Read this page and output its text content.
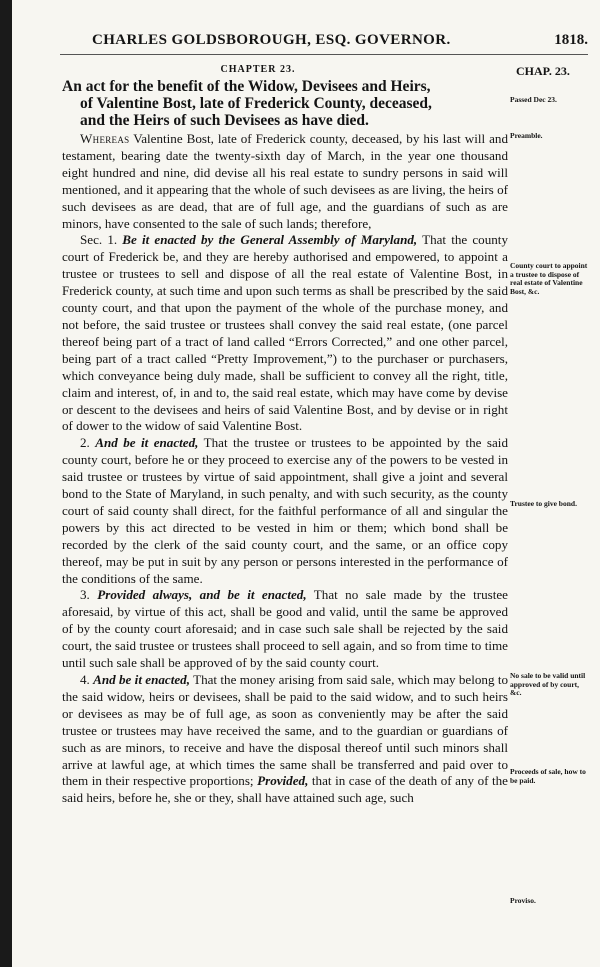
CHARLES GOLDSBOROUGH, ESQ. GOVERNOR.	1818.
CHAPTER 23.	CHAP. 23.
An act for the benefit of the Widow, Devisees and Heirs,
of Valentine Bost, late of Frederick County, deceased,
and the Heirs of such Devisees as have died.
Passed Dec 23.
Preamble.
County court to appoint a trustee to dispose of real estate of Valentine Bost, &c.
Trustee to give bond.
No sale to be valid until approved of by court, &c.
Proceeds of sale, how to be paid.
Proviso.

Whereas Valentine Bost, late of Frederick county, deceased, by his last will and testament, bearing date the twenty-sixth day of March, in the year one thousand eight hundred and nine, did devise all his real estate to sundry persons in said will mentioned, and it appearing that the whole of such devisees as are living, the heirs of such devisees as are dead, that are of full age, and the guardians of such as are minors, have consented to the sale of such lands; therefore,

Sec. 1. Be it enacted by the General Assembly of Maryland, That the county court of Frederick be, and they are hereby authorised and empowered, to appoint a trustee or trustees to sell and dispose of all the real estate of Valentine Bost, in Frederick county, at such time and upon such terms as shall be prescribed by the said county court, and that upon the payment of the whole of the purchase money, and not before, the said trustee or trustees shall convey the said real estate, (one parcel thereof being part of a tract of land called “Errors Corrected,” and one other parcel, being part of a tract called “Pretty Improvement,”) to the purchaser or purchasers, which conveyance being duly made, shall be sufficient to convey all the right, title, claim and interest, of, in and to, the said real estate, which may have come by devise or descent to the devisees and heirs of said Valentine Bost, and by devise or in right of dower to the widow of said Valentine Bost.

2. And be it enacted, That the trustee or trustees to be appointed by the said county court, before he or they proceed to exercise any of the powers to be vested in said trustee or trustees by virtue of said appointment, shall give a joint and several bond to the State of Maryland, in such penalty, and with such security, as the county court of said county shall direct, for the faithful performance of all and singular the powers by this act directed to be vested in him or them; which bond shall be recorded by the clerk of the said county court, and the same, or an office copy thereof, may be put in suit by any person or persons interested in the performance of the conditions of the same.

3. Provided always, and be it enacted, That no sale made by the trustee aforesaid, by virtue of this act, shall be good and valid, until the same be approved of by the county court aforesaid; and in case such sale shall be rejected by the said court, the said trustee or trustees shall proceed to sell again, and so from time to time until such sale shall be approved of by the said county court.

4. And be it enacted, That the money arising from said sale, which may belong to the said widow, heirs or devisees, shall be paid to the said widow, and to such heirs or devisees as may be of full age, as soon as conveniently may be after the said trustee or trustees may have received the same, and to the guardian or guardians of such as are minors, to receive and have the disposal thereof until such minors shall arrive at lawful age, at which times the same shall be transferred and paid over to them in their respective proportions; Provided, that in case of the death of any of the said heirs, before he, she or they, shall have attained such age, such
